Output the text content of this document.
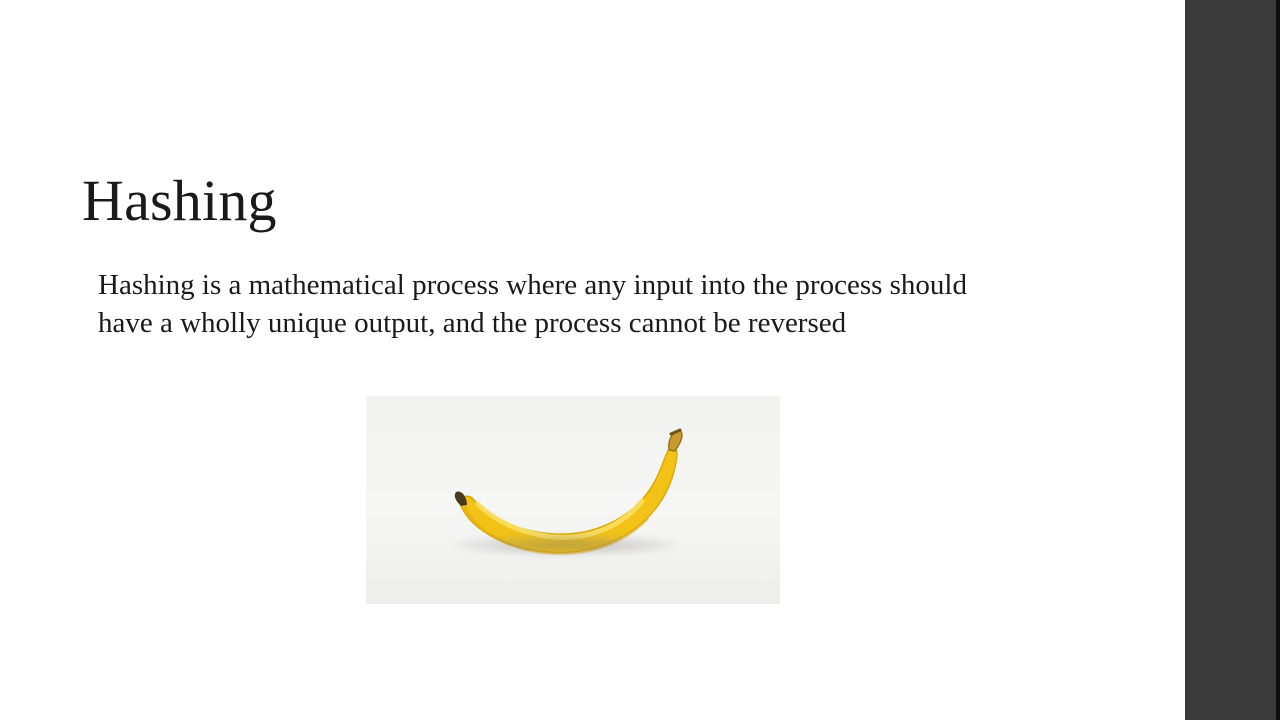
Hashing

Hashing is a mathematical process where any input into the process should have a wholly unique output, and the process cannot be reversed
